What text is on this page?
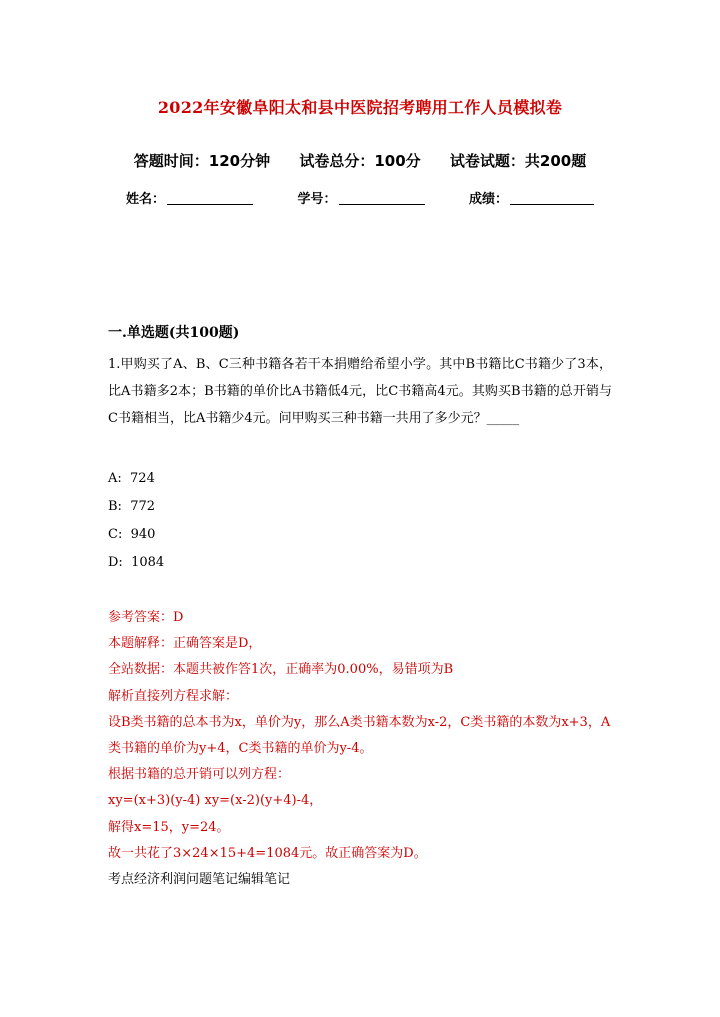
2022年安徽阜阳太和县中医院招考聘用工作人员模拟卷
答题时间：120分钟 试卷总分：100分 试卷试题：共200题
姓名：	学号：	成绩：
一.单选题(共100题)
1.甲购买了A、B、C三种书籍各若干本捐赠给希望小学。其中B书籍比C书籍少了3本，比A书籍多2本；B书籍的单价比A书籍低4元，比C书籍高4元。其购买B书籍的总开销与C书籍相当，比A书籍少4元。问甲购买三种书籍一共用了多少元？_____
A:  724
B:  772
C:  940
D:  1084

参考答案：D

本题解释：正确答案是D，

全站数据：本题共被作答1次，正确率为0.00%，易错项为B

解析直接列方程求解：

设B类书籍的总本书为x，单价为y，那么A类书籍本数为x-2，C类书籍的本数为x+3，A类书籍的单价为y+4，C类书籍的单价为y-4。

根据书籍的总开销可以列方程：

xy=(x+3)(y-4) xy=(x-2)(y+4)-4，

解得x=15，y=24。

故一共花了3×24×15+4=1084元。故正确答案为D。

考点经济利润问题笔记编辑笔记
